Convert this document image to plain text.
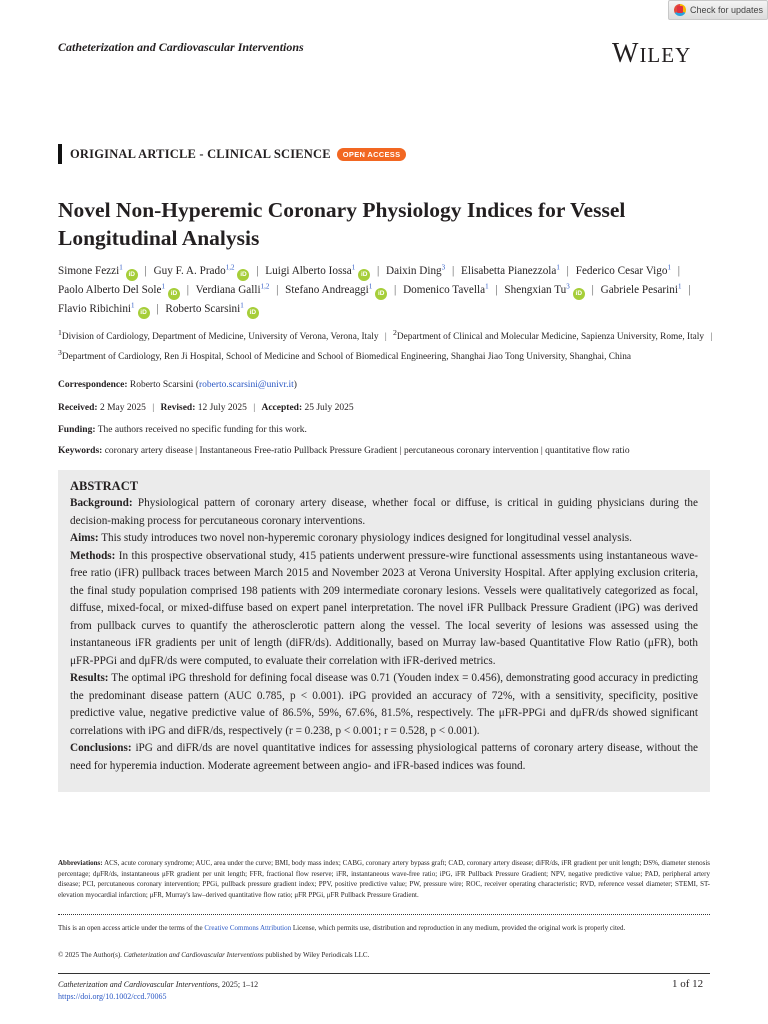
Check for updates
Catheterization and Cardiovascular Interventions	WILEY
ORIGINAL ARTICLE - CLINICAL SCIENCE	OPEN ACCESS
Novel Non-Hyperemic Coronary Physiology Indices for Vessel Longitudinal Analysis
Simone Fezzi$^1$iD | Guy F. A. Prado$^{1,2}$iD | Luigi Alberto Iossa$^1$iD | Daixin Ding$^3$ | Elisabetta Pianezzola$^1$ | Federico Cesar Vigo$^1$ | Paolo Alberto Del Sole$^1$iD | Verdiana Galli$^{1,2}$ | Stefano Andreaggi$^1$iD | Domenico Tavella$^1$ | Shengxian Tu$^3$iD | Gabriele Pesarini$^1$ | Flavio Ribichini$^1$iD | Roberto Scarsini$^1$iD
$^1$Division of Cardiology, Department of Medicine, University of Verona, Verona, Italy | $^2$Department of Clinical and Molecular Medicine, Sapienza University, Rome, Italy | $^3$Department of Cardiology, Ren Ji Hospital, School of Medicine and School of Biomedical Engineering, Shanghai Jiao Tong University, Shanghai, China
Correspondence: Roberto Scarsini (roberto.scarsini@univr.it)
Received: 2 May 2025 | Revised: 12 July 2025 | Accepted: 25 July 2025
Funding: The authors received no specific funding for this work.
Keywords: coronary artery disease | Instantaneous Free-ratio Pullback Pressure Gradient | percutaneous coronary intervention | quantitative flow ratio
ABSTRACT

Background: Physiological pattern of coronary artery disease, whether focal or diffuse, is critical in guiding physicians during the decision-making process for percutaneous coronary interventions.

Aims: This study introduces two novel non-hyperemic coronary physiology indices designed for longitudinal vessel analysis.

Methods: In this prospective observational study, 415 patients underwent pressure-wire functional assessments using instantaneous wave-free ratio (iFR) pullback traces between March 2015 and November 2023 at Verona University Hospital. After applying exclusion criteria, the final study population comprised 198 patients with 209 intermediate coronary lesions. Vessels were qualitatively categorized as focal, diffuse, mixed-focal, or mixed-diffuse based on expert panel interpretation. The novel iFR Pullback Pressure Gradient (iPG) was derived from pullback curves to quantify the atherosclerotic pattern along the vessel. The local severity of lesions was assessed using the instantaneous iFR gradients per unit of length (diFR/ds). Additionally, based on Murray law-based Quantitative Flow Ratio (μFR), both μFR-PPGi and dμFR/ds were computed, to evaluate their correlation with iFR-derived metrics.

Results: The optimal iPG threshold for defining focal disease was 0.71 (Youden index = 0.456), demonstrating good accuracy in predicting the predominant disease pattern (AUC 0.785, p < 0.001). iPG provided an accuracy of 72%, with a sensitivity, specificity, positive predictive value, negative predictive value of 86.5%, 59%, 67.6%, 81.5%, respectively. The μFR-PPGi and dμFR/ds showed significant correlations with iPG and diFR/ds, respectively (r = 0.238, p < 0.001; r = 0.528, p < 0.001).

Conclusions: iPG and diFR/ds are novel quantitative indices for assessing physiological patterns of coronary artery disease, without the need for hyperemia induction. Moderate agreement between angio- and iFR-based indices was found.

Abbreviations: ACS, acute coronary syndrome; AUC, area under the curve; BMI, body mass index; CABG, coronary artery bypass graft; CAD, coronary artery disease; diFR/ds, iFR gradient per unit length; DS%, diameter stenosis percentage; dμFR/ds, instantaneous μFR gradient per unit length; FFR, fractional flow reserve; iFR, instantaneous wave-free ratio; iPG, iFR Pullback Pressure Gradient; NPV, negative predictive value; PAD, peripheral artery disease; PCI, percutaneous coronary intervention; PPGi, pullback pressure gradient index; PPV, positive predictive value; PW, pressure wire; ROC, receiver operating characteristic; RVD, reference vessel diameter; STEMI, ST-elevation myocardial infarction; μFR, Murray's law–derived quantitative flow ratio; μFR PPGi, μFR Pullback Pressure Gradient.
This is an open access article under the terms of the Creative Commons Attribution License, which permits use, distribution and reproduction in any medium, provided the original work is properly cited.
© 2025 The Author(s). Catheterization and Cardiovascular Interventions published by Wiley Periodicals LLC.
Catheterization and Cardiovascular Interventions, 2025; 1–12
https://doi.org/10.1002/ccd.70065
1 of 12
